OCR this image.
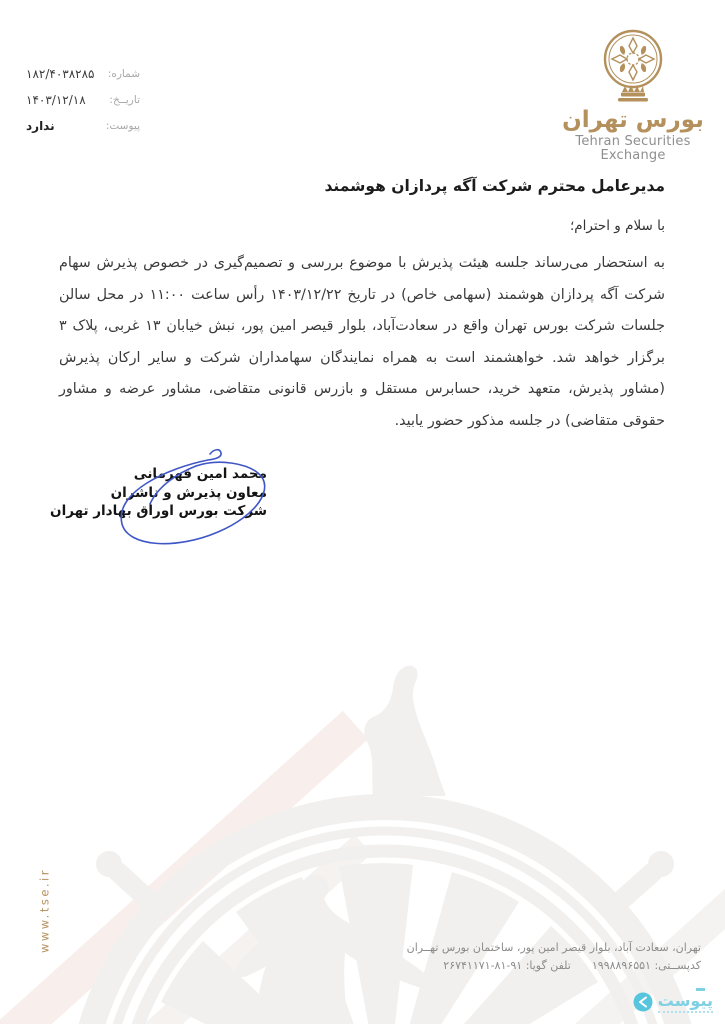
شماره:
۱۸۲/۴۰۳۸۲۸۵
تاریــخ:
۱۴۰۳/۱۲/۱۸
پیوست:
ندارد	بورس تهران
Tehran Securities
Exchange
مدیرعامل محترم شرکت آگه پردازان هوشمند
با سلام و احترام؛
به استحضار می‌رساند جلسه هیئت پذیرش با موضوع بررسی و تصمیم‌گیری در خصوص پذیرش سهام شرکت آگه پردازان هوشمند (سهامی خاص) در تاریخ ۱۴۰۳/۱۲/۲۲ رأس ساعت ۱۱:۰۰ در محل سالن جلسات شرکت بورس تهران واقع در سعادت‌آباد، بلوار قیصر امین پور، نبش خیابان ۱۳ غربی، پلاک ۳ برگزار خواهد شد. خواهشمند است به همراه نمایندگان سهامداران شرکت و سایر ارکان پذیرش (مشاور پذیرش، متعهد خرید، حسابرس مستقل و بازرس قانونی متقاضی، مشاور عرضه و مشاور حقوقی متقاضی) در جلسه مذکور حضور یابید.
محمد امین قهرمانی
معاون پذیرش و ناشران
شرکت بورس اوراق بهادار تهران
www.tse.ir	تهران، سعادت آباد، بلوار قیصر امین پور، ساختمان بورس تهــران
کدپســتی: ۱۹۹۸۸۹۶۵۵۱  تلفن گویا: ۹۱-۸۱-۲۶۷۴۱۱۷۱
پیوست
